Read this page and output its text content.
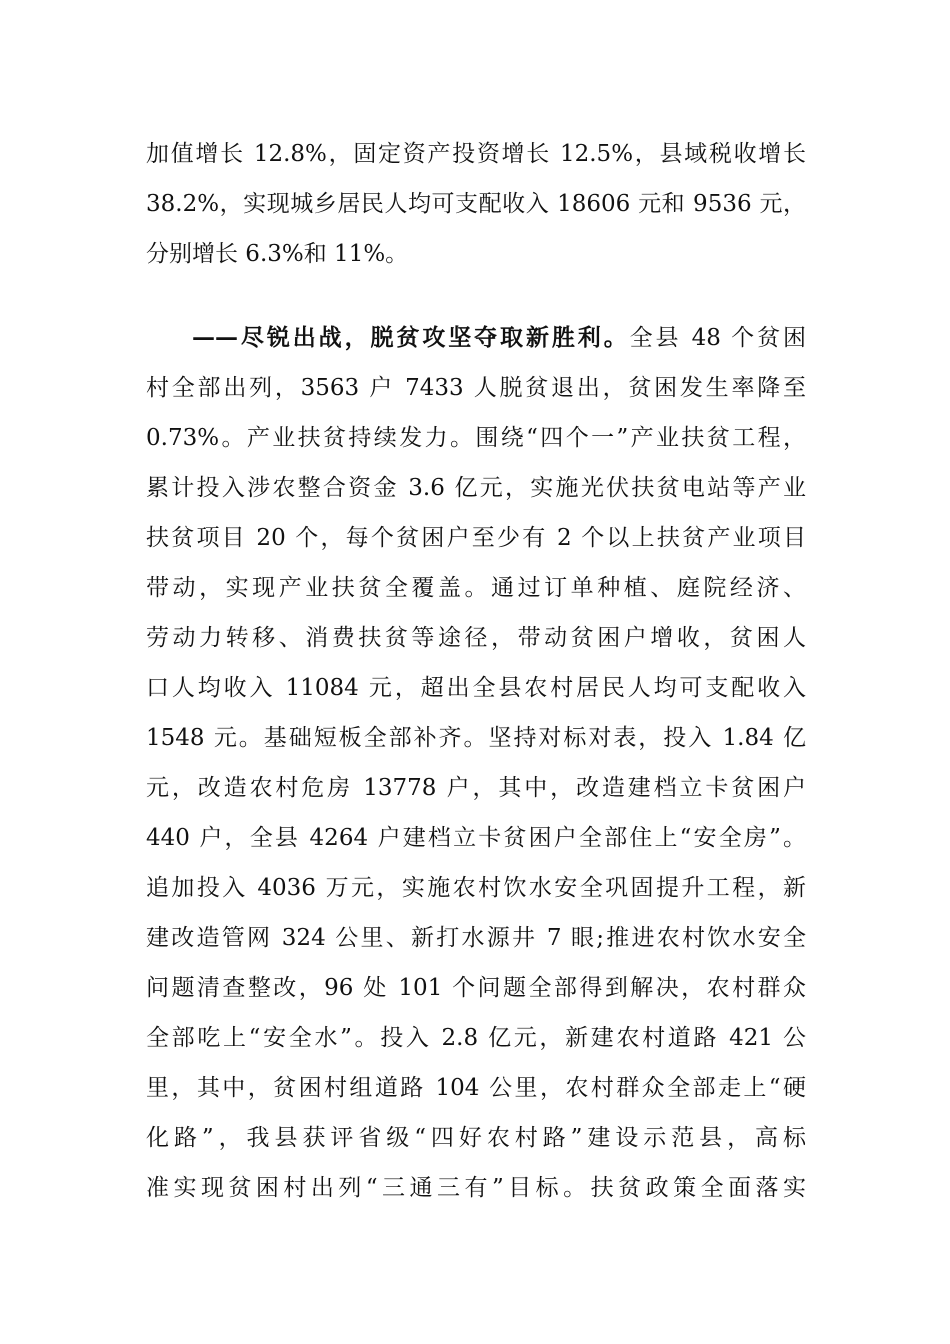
加值增长 12.8%，固定资产投资增长 12.5%，县域税收增长
38.2%，实现城乡居民人均可支配收入 18606 元和 9536 元，
分别增长 6.3%和 11%。
——尽锐出战，脱贫攻坚夺取新胜利。全县 48 个贫困
村全部出列，3563 户 7433 人脱贫退出，贫困发生率降至
0.73%。产业扶贫持续发力。围绕“四个一”产业扶贫工程，
累计投入涉农整合资金 3.6 亿元，实施光伏扶贫电站等产业
扶贫项目 20 个，每个贫困户至少有 2 个以上扶贫产业项目
带动，实现产业扶贫全覆盖。通过订单种植、庭院经济、
劳动力转移、消费扶贫等途径，带动贫困户增收，贫困人
口人均收入 11084 元，超出全县农村居民人均可支配收入
1548 元。基础短板全部补齐。坚持对标对表，投入 1.84 亿
元，改造农村危房 13778 户，其中，改造建档立卡贫困户
440 户，全县 4264 户建档立卡贫困户全部住上“安全房”。
追加投入 4036 万元，实施农村饮水安全巩固提升工程，新
建改造管网 324 公里、新打水源井 7 眼;推进农村饮水安全
问题清查整改，96 处 101 个问题全部得到解决，农村群众
全部吃上“安全水”。投入 2.8 亿元，新建农村道路 421 公
里，其中，贫困村组道路 104 公里，农村群众全部走上“硬
化路”，我县获评省级“四好农村路”建设示范县，高标
准实现贫困村出列“三通三有”目标。扶贫政策全面落实
